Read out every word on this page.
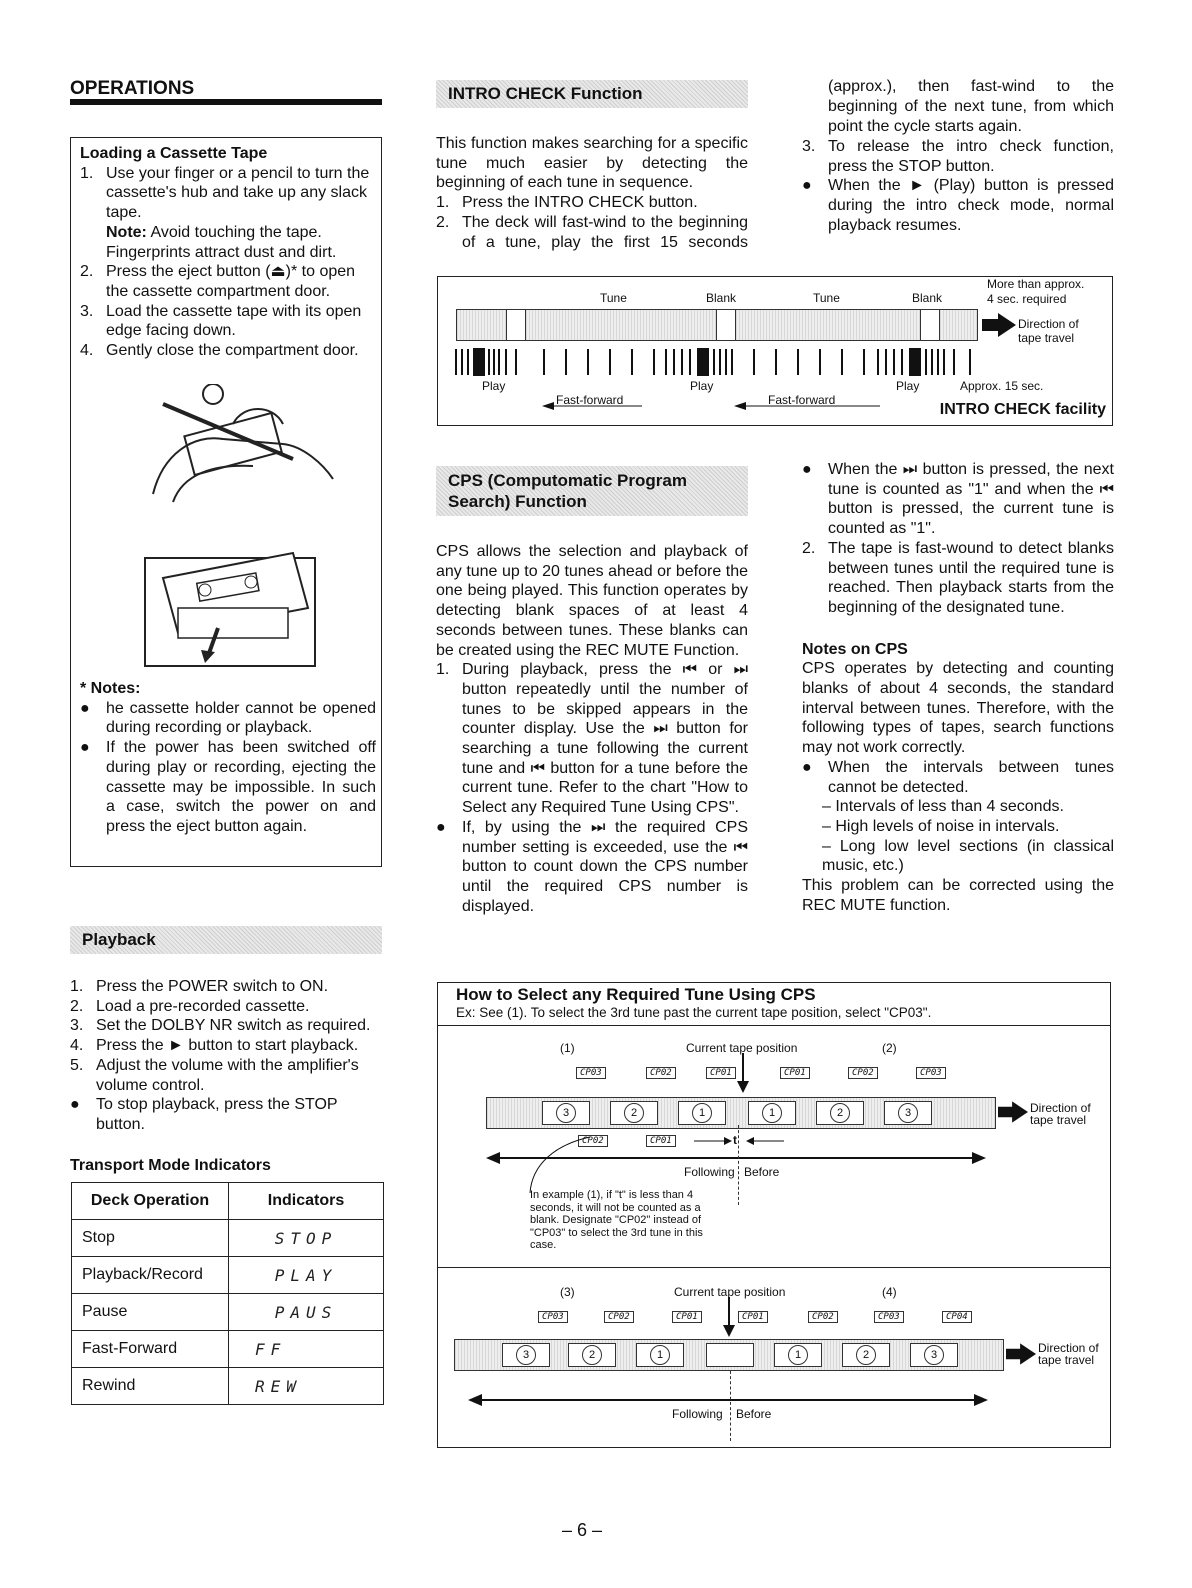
OPERATIONS
Loading a Cassette Tape
1. Use your finger or a pencil to turn the cassette's hub and take up any slack tape.
Note: Avoid touching the tape. Fingerprints attract dust and dirt.
2. Press the eject button (⏏)* to open the cassette compartment door.
3. Load the cassette tape with its open edge facing down.
4. Gently close the compartment door.
* Notes:
● he cassette holder cannot be opened during recording or playback.
● If the power has been switched off during play or recording, ejecting the cassette may be impossible. In such a case, switch the power on and press the eject button again.
Playback
1. Press the POWER switch to ON.
2. Load a pre-recorded cassette.
3. Set the DOLBY NR switch as required.
4. Press the ► button to start playback.
5. Adjust the volume with the amplifier's volume control.
● To stop playback, press the STOP button.
Transport Mode Indicators
Deck Operation	Indicators
Stop	STOP
Playback/Record	PLAY
Pause	PAUS
Fast-Forward	FF
Rewind	REW
INTRO CHECK Function
This function makes searching for a specific tune much easier by detecting the beginning of each tune in sequence.
1. Press the INTRO CHECK button.
2. The deck will fast-wind to the beginning of a tune, play the first 15 seconds
(approx.), then fast-wind to the beginning of the next tune, from which point the cycle starts again.
3. To release the intro check function, press the STOP button.
● When the ► (Play) button is pressed during the intro check mode, normal playback resumes.
Tune	Blank	Tune	Blank
More than approx.
4 sec. required
Direction of
tape travel
Play	Play	Play	Approx. 15 sec.
Fast-forward	Fast-forward
INTRO CHECK facility
CPS (Computomatic Program
Search) Function
CPS allows the selection and playback of any tune up to 20 tunes ahead or before the one being played. This function operates by detecting blank spaces of at least 4 seconds between tunes. These blanks can be created using the REC MUTE Function.
1. During playback, press the ⏮ or ⏭ button repeatedly until the number of tunes to be skipped appears in the counter display. Use the ⏭ button for searching a tune following the current tune and ⏮ button for a tune before the current tune. Refer to the chart "How to Select any Required Tune Using CPS".
● If, by using the ⏭ the required CPS number setting is exceeded, use the ⏮ button to count down the CPS number until the required CPS number is displayed.
● When the ⏭ button is pressed, the next tune is counted as "1" and when the ⏮ button is pressed, the current tune is counted as "1".
2. The tape is fast-wound to detect blanks between tunes until the required tune is reached. Then playback starts from the beginning of the designated tune.
Notes on CPS
CPS operates by detecting and counting blanks of about 4 seconds, the standard interval between tunes. Therefore, with the following types of tapes, search functions may not work correctly.
● When the intervals between tunes cannot be detected.
– Intervals of less than 4 seconds.
– High levels of noise in intervals.
– Long low level sections (in classical music, etc.)
This problem can be corrected using the REC MUTE function.
How to Select any Required Tune Using CPS
Ex: See (1). To select the 3rd tune past the current tape position, select "CP03".
(1)	Current tape position	(2)
CP03	CP02	CP01	CP01	CP02	CP03
3	2	1	1	2	3	Direction of
tape travel
CP02	CP01	t
Following Before
In example (1), if "t" is less than 4 seconds, it will not be counted as a blank. Designate "CP02" instead of "CP03" to select the 3rd tune in this case.
(3)	Current tape position	(4)
CP03	CP02	CP01	CP01	CP02	CP03	CP04
3	2	1	1	2	3	Direction of
tape travel
Following Before
– 6 –
